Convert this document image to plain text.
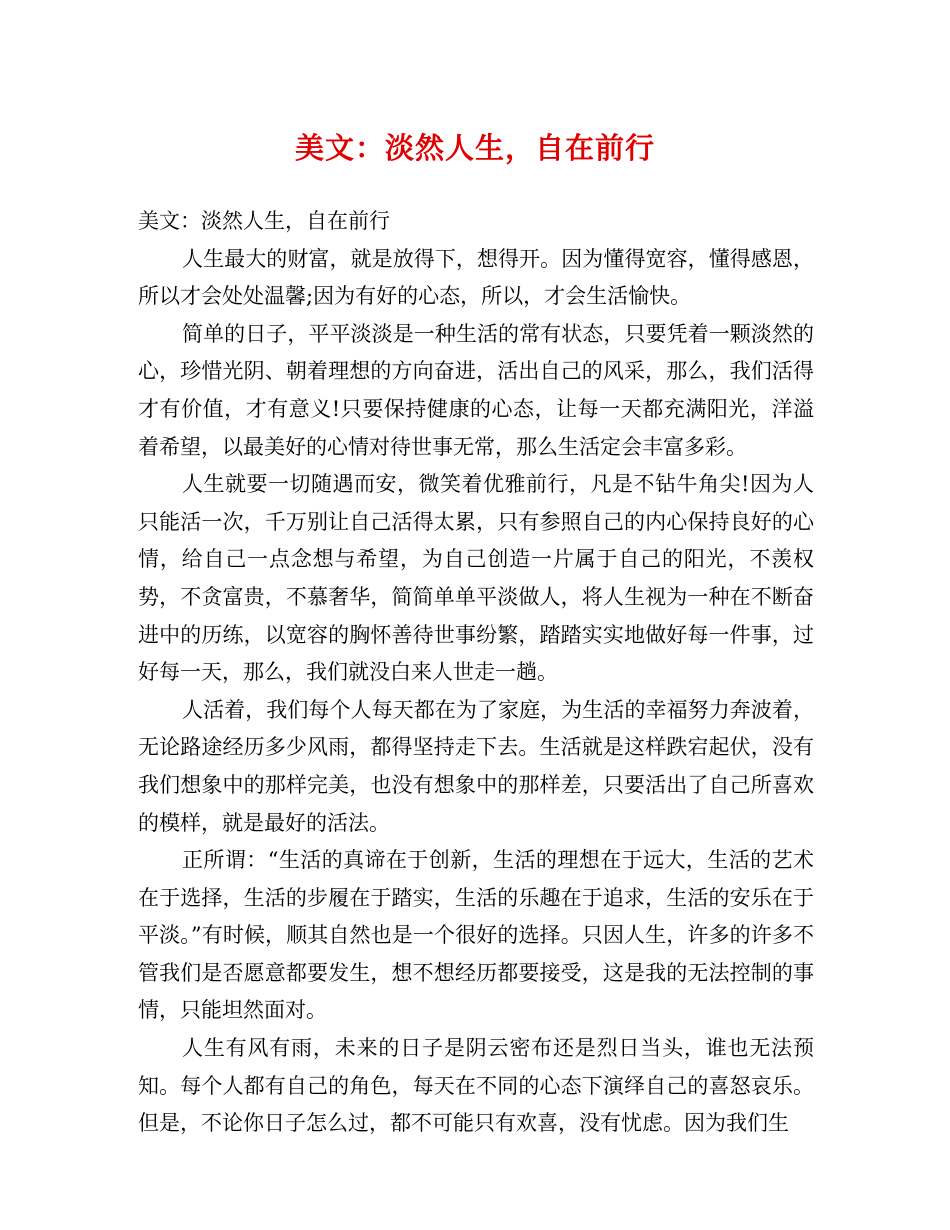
美文：淡然人生，自在前行

美文：淡然人生，自在前行

人生最大的财富，就是放得下，想得开。因为懂得宽容，懂得感恩，所以才会处处温馨;因为有好的心态，所以，才会生活愉快。

简单的日子，平平淡淡是一种生活的常有状态，只要凭着一颗淡然的心，珍惜光阴、朝着理想的方向奋进，活出自己的风采，那么，我们活得才有价值，才有意义!只要保持健康的心态，让每一天都充满阳光，洋溢着希望，以最美好的心情对待世事无常，那么生活定会丰富多彩。

人生就要一切随遇而安，微笑着优雅前行，凡是不钻牛角尖!因为人只能活一次，千万别让自己活得太累，只有参照自己的内心保持良好的心情，给自己一点念想与希望，为自己创造一片属于自己的阳光，不羡权势，不贪富贵，不慕奢华，简简单单平淡做人，将人生视为一种在不断奋进中的历练，以宽容的胸怀善待世事纷繁，踏踏实实地做好每一件事，过好每一天，那么，我们就没白来人世走一趟。

人活着，我们每个人每天都在为了家庭，为生活的幸福努力奔波着，无论路途经历多少风雨，都得坚持走下去。生活就是这样跌宕起伏，没有我们想象中的那样完美，也没有想象中的那样差，只要活出了自己所喜欢的模样，就是最好的活法。

正所谓：“生活的真谛在于创新，生活的理想在于远大，生活的艺术在于选择，生活的步履在于踏实，生活的乐趣在于追求，生活的安乐在于平淡。”有时候，顺其自然也是一个很好的选择。只因人生，许多的许多不管我们是否愿意都要发生，想不想经历都要接受，这是我的无法控制的事情，只能坦然面对。

人生有风有雨，未来的日子是阴云密布还是烈日当头，谁也无法预知。每个人都有自己的角色，每天在不同的心态下演绎自己的喜怒哀乐。但是，不论你日子怎么过，都不可能只有欢喜，没有忧虑。因为我们生
